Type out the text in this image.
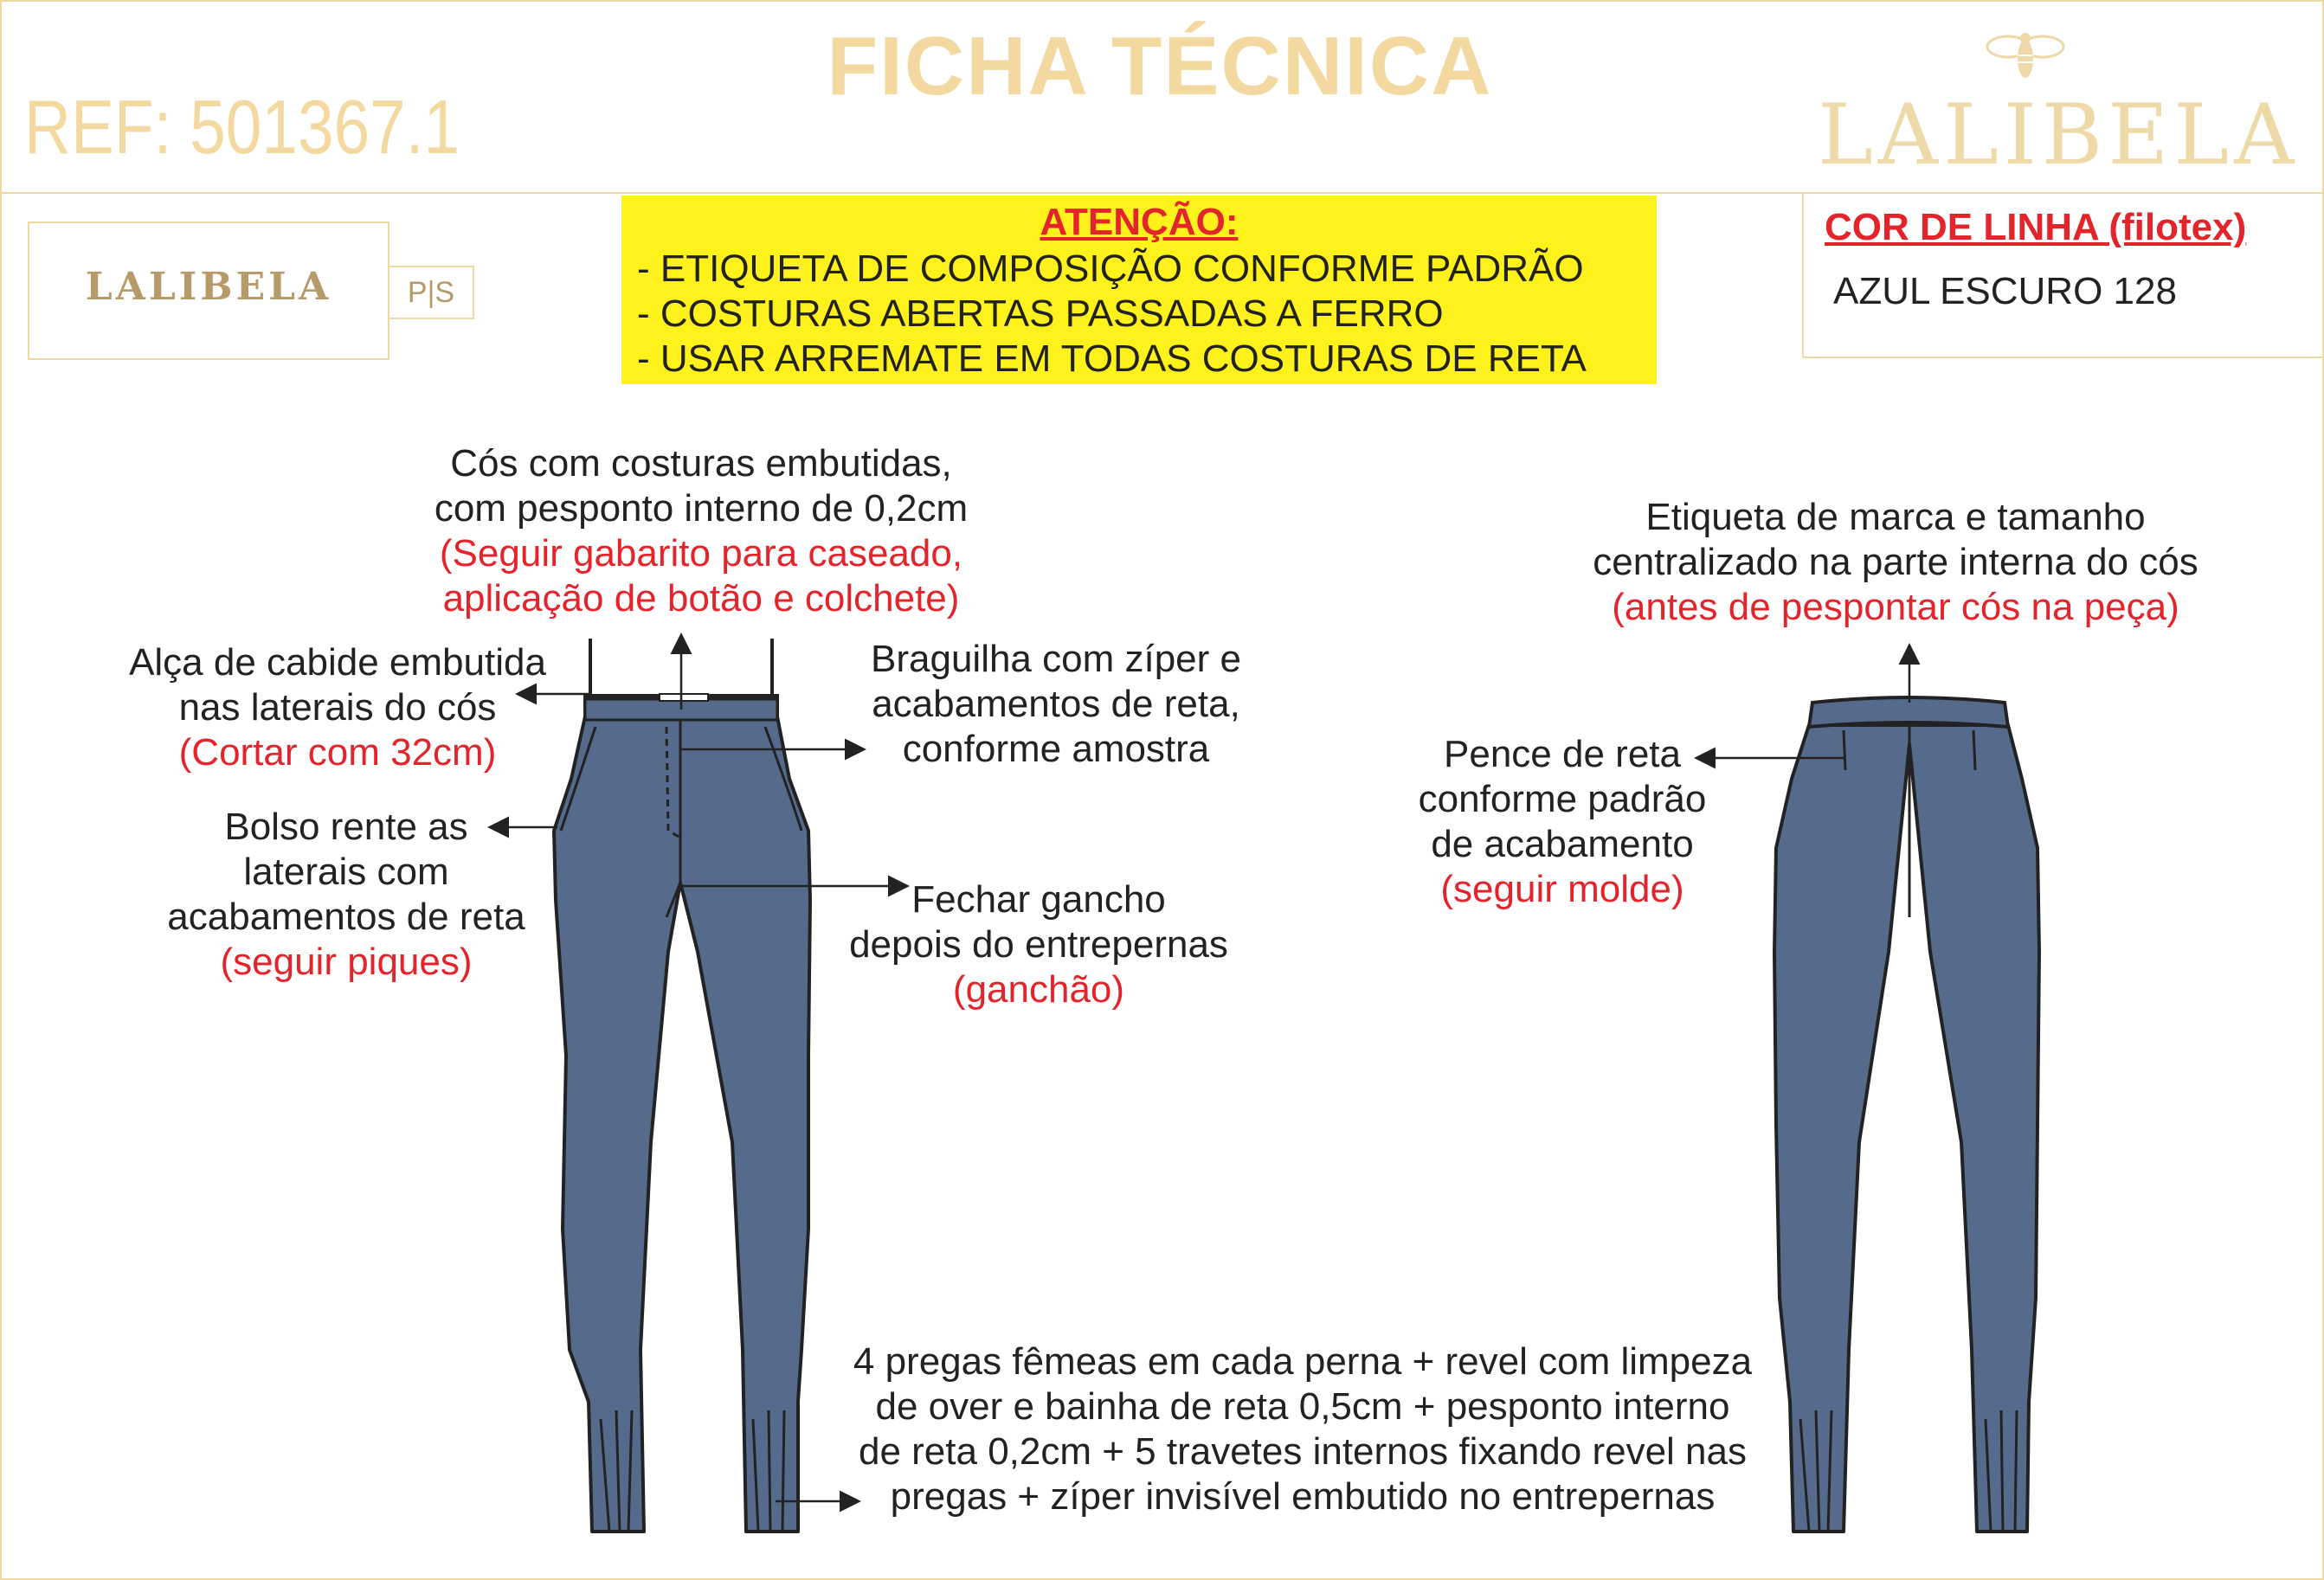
FICHA TÉCNICA
REF: 501367.1	LALIBELA
LALIBELA	P|S
ATENÇÃO:
- ETIQUETA DE COMPOSIÇÃO CONFORME PADRÃO
- COSTURAS ABERTAS PASSADAS A FERRO
- USAR ARREMATE EM TODAS COSTURAS DE RETA
COR DE LINHA (filotex)
AZUL ESCURO 128
Cós com costuras embutidas,
com pesponto interno de 0,2cm
(Seguir gabarito para caseado,
aplicação de botão e colchete)
Alça de cabide embutida
nas laterais do cós
(Cortar com 32cm)
Braguilha com zíper e
acabamentos de reta,
conforme amostra
Bolso rente as
laterais com
acabamentos de reta
(seguir piques)
Fechar gancho
depois do entrepernas
(ganchão)
Etiqueta de marca e tamanho
centralizado na parte interna do cós
(antes de pespontar cós na peça)
Pence de reta
conforme padrão
de acabamento
(seguir molde)
4 pregas fêmeas em cada perna + revel com limpeza
de over e bainha de reta 0,5cm + pesponto interno
de reta 0,2cm + 5 travetes internos fixando revel nas
pregas + zíper invisível embutido no entrepernas
